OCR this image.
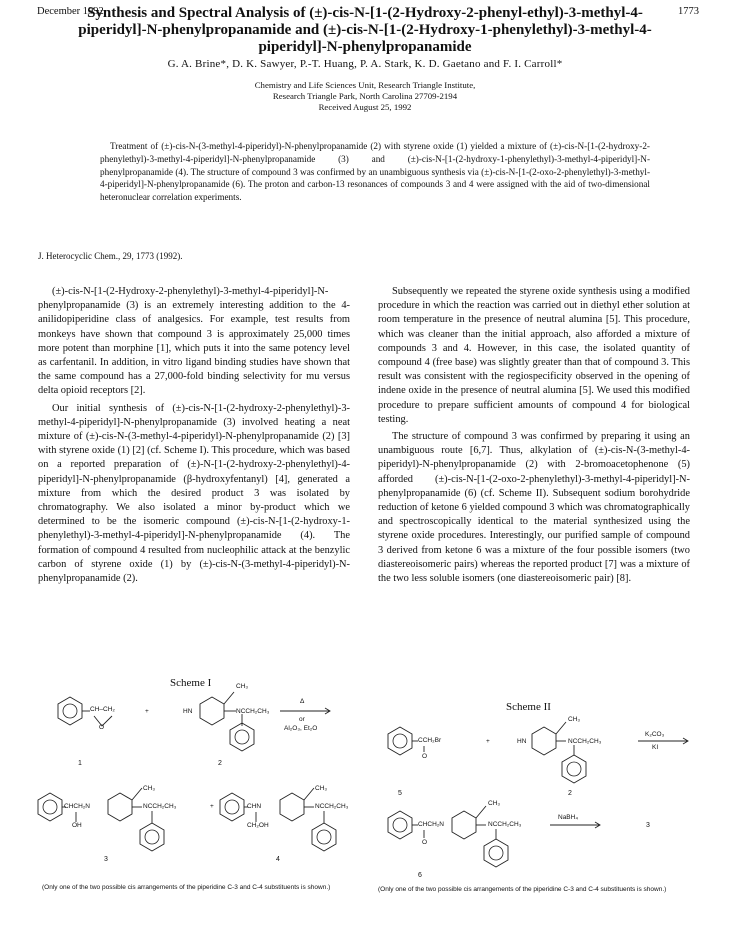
December 1992	1773
Synthesis and Spectral Analysis of (±)-cis-N-[1-(2-Hydroxy-2-phenyl-ethyl)-3-methyl-4-piperidyl]-N-phenylpropanamide and (±)-cis-N-[1-(2-Hydroxy-1-phenylethyl)-3-methyl-4-piperidyl]-N-phenylpropanamide
G. A. Brine*, D. K. Sawyer, P.-T. Huang, P. A. Stark, K. D. Gaetano and F. I. Carroll*
Chemistry and Life Sciences Unit, Research Triangle Institute,
Research Triangle Park, North Carolina 27709-2194
Received August 25, 1992
Treatment of (±)-cis-N-(3-methyl-4-piperidyl)-N-phenylpropanamide (2) with styrene oxide (1) yielded a mixture of (±)-cis-N-[1-(2-hydroxy-2-phenylethyl)-3-methyl-4-piperidyl]-N-phenylpropanamide (3) and (±)-cis-N-[1-(2-hydroxy-1-phenylethyl)-3-methyl-4-piperidyl]-N-phenylpropanamide (4). The structure of compound 3 was confirmed by an unambiguous synthesis via (±)-cis-N-[1-(2-oxo-2-phenylethyl)-3-methyl-4-piperidyl]-N-phenylpropanamide (6). The proton and carbon-13 resonances of compounds 3 and 4 were assigned with the aid of two-dimensional heteronuclear correlation experiments.
J. Heterocyclic Chem., 29, 1773 (1992).

(±)-cis-N-[1-(2-Hydroxy-2-phenylethyl)-3-methyl-4-piperidyl]-N-phenylpropanamide (3) is an extremely interesting addition to the 4-anilidopiperidine class of analgesics. For example, test results from monkeys have shown that compound 3 is approximately 25,000 times more potent than morphine [1], which puts it into the same potency level as carfentanil. In addition, in vitro ligand binding studies have shown that the same compound has a 27,000-fold binding selectivity for mu versus delta opioid receptors [2].

Our initial synthesis of (±)-cis-N-[1-(2-hydroxy-2-phenylethyl)-3-methyl-4-piperidyl]-N-phenylpropanamide (3) involved heating a neat mixture of (±)-cis-N-(3-methyl-4-piperidyl)-N-phenylpropanamide (2) [3] with styrene oxide (1) [2] (cf. Scheme I). This procedure, which was based on a reported preparation of (±)-N-[1-(2-hydroxy-2-phenylethyl)-4-piperidyl]-N-phenylpropanamide (β-hydroxyfentanyl) [4], generated a mixture from which the desired product 3 was isolated by chromatography. We also isolated a minor by-product which we determined to be the isomeric compound (±)-cis-N-[1-(2-hydroxy-1-phenylethyl)-3-methyl-4-piperidyl]-N-phenylpropanamide (4). The formation of compound 4 resulted from nucleophilic attack at the benzylic carbon of styrene oxide (1) by (±)-cis-N-(3-methyl-4-piperidyl)-N-phenylpropanamide (2).

Subsequently we repeated the styrene oxide synthesis using a modified procedure in which the reaction was carried out in diethyl ether solution at room temperature in the presence of neutral alumina [5]. This procedure, which was cleaner than the initial approach, also afforded a mixture of compounds 3 and 4. However, in this case, the isolated quantity of compound 4 (free base) was slightly greater than that of compound 3. This result was consistent with the regiospecificity observed in the opening of indene oxide in the presence of neutral alumina [5]. We used this modified procedure to prepare sufficient amounts of compound 4 for biological testing.

The structure of compound 3 was confirmed by preparing it using an unambiguous route [6,7]. Thus, alkylation of (±)-cis-N-(3-methyl-4-piperidyl)-N-phenylpropanamide (2) with 2-bromoacetophenone (5) afforded (±)-cis-N-[1-(2-oxo-2-phenylethyl)-3-methyl-4-piperidyl]-N-phenylpropanamide (6) (cf. Scheme II). Subsequent sodium borohydride reduction of ketone 6 yielded compound 3 which was chromatographically and spectroscopically identical to the material synthesized using the styrene oxide procedures. Interestingly, our purified sample of compound 3 derived from ketone 6 was a mixture of the four possible isomers (two diastereoisomeric pairs) whereas the reported product [7] was a mixture of the two less soluble isomers (one diastereoisomeric pair) [8].

Scheme I
CH–CH₂
O
+	HN
CH₃
NCCH₂CH₃
Δ
or
Al₂O₃, Et₂O
1	2
CHCH₂N
OH
CH₃
NCCH₂CH₃	+	CHN
CH₂OH
CH₃
NCCH₂CH₃
3	4
(Only one of the two possible cis arrangements of the piperidine C-3 and C-4 substituents is shown.)
Scheme II
CCH₂Br
O
+	HN
CH₃
NCCH₂CH₃
K₂CO₃
KI
5	2
CHCH₂N
O
CH₃
NCCH₂CH₃
NaBH₄
3
6
(Only one of the two possible cis arrangements of the piperidine C-3 and C-4 substituents is shown.)
